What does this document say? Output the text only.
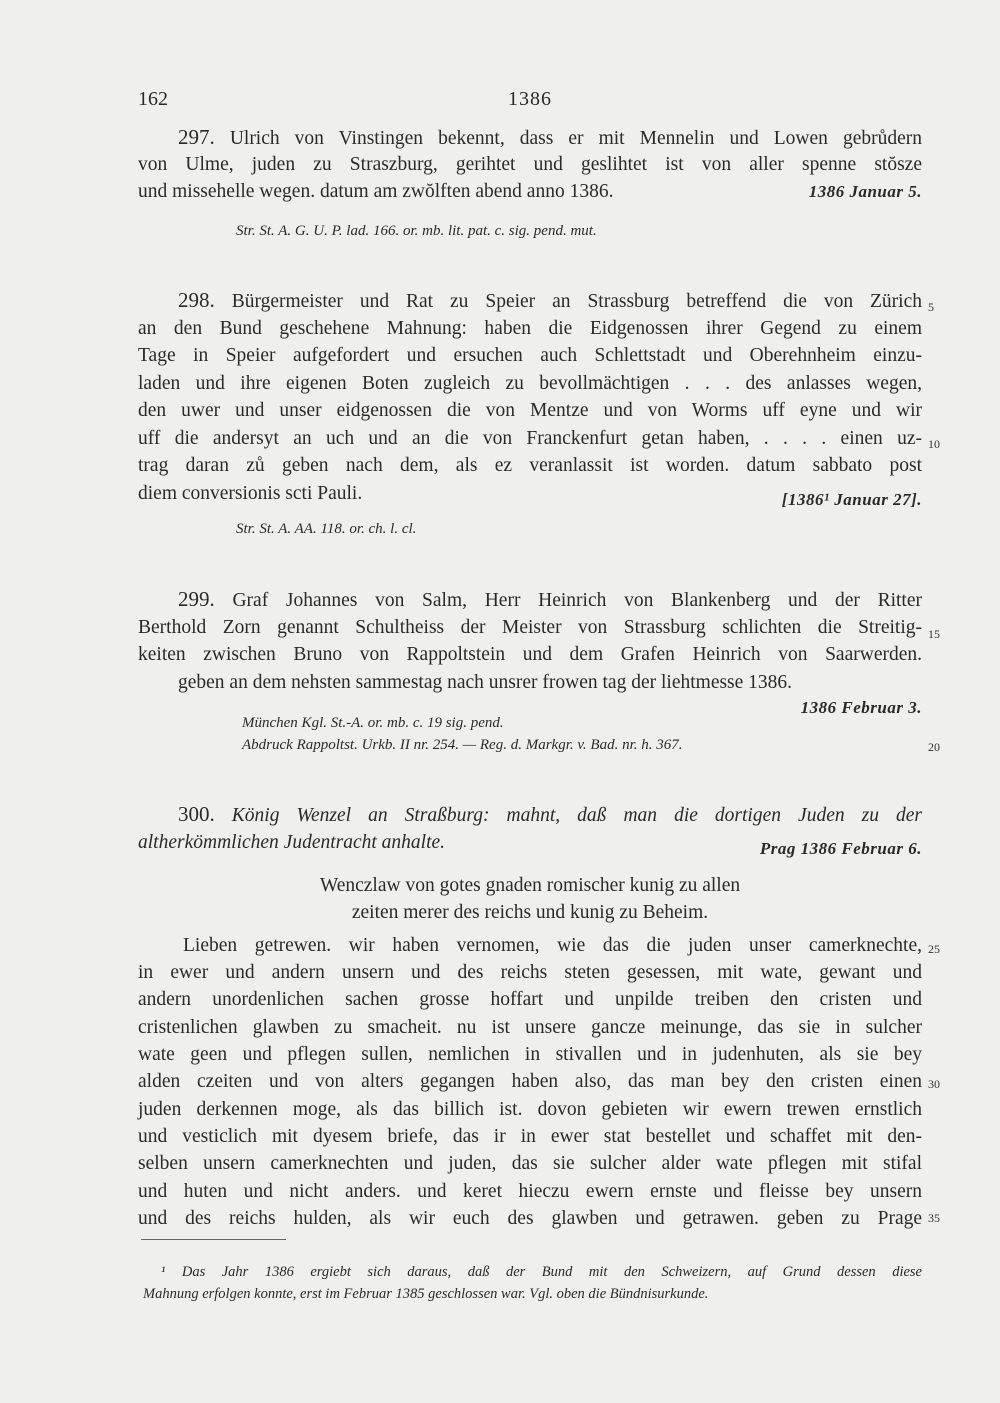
162	1386
297. Ulrich von Vinstingen bekennt, dass er mit Mennelin und Lowen gebrůdern
von Ulme, juden zu Straszburg, gerihtet und geslihtet ist von aller spenne stŏsze
und missehelle wegen. datum am zwŏlften abend anno 1386.	1386 Januar 5.
Str. St. A. G. U. P. lad. 166. or. mb. lit. pat. c. sig. pend. mut.
298. Bürgermeister und Rat zu Speier an Strassburg betreffend die von Zürich
an den Bund geschehene Mahnung: haben die Eidgenossen ihrer Gegend zu einem
Tage in Speier aufgefordert und ersuchen auch Schlettstadt und Oberehnheim einzu-
laden und ihre eigenen Boten zugleich zu bevollmächtigen . . . des anlasses wegen,
den uwer und unser eidgenossen die von Mentze und von Worms uff eyne und wir
uff die andersyt an uch und an die von Franckenfurt getan haben, . . . . einen uz-
trag daran zů geben nach dem, als ez veranlassit ist worden. datum sabbato post
diem conversionis scti Pauli.	[1386¹ Januar 27].
Str. St. A. AA. 118. or. ch. l. cl.
299. Graf Johannes von Salm, Herr Heinrich von Blankenberg und der Ritter
Berthold Zorn genannt Schultheiss der Meister von Strassburg schlichten die Streitig-
keiten zwischen Bruno von Rappoltstein und dem Grafen Heinrich von Saarwerden.
geben an dem nehsten sammestag nach unsrer frowen tag der liehtmesse 1386.
1386 Februar 3.
München Kgl. St.-A. or. mb. c. 19 sig. pend.
Abdruck Rappoltst. Urkb. II nr. 254. — Reg. d. Markgr. v. Bad. nr. h. 367.
300. König Wenzel an Straßburg: mahnt, daß man die dortigen Juden zu der
altherkömmlichen Judentracht anhalte.	Prag 1386 Februar 6.
Wenczlaw von gotes gnaden romischer kunig zu allen
zeiten merer des reichs und kunig zu Beheim.
Lieben getrewen. wir haben vernomen, wie das die juden unser camerknechte,
in ewer und andern unsern und des reichs steten gesessen, mit wate, gewant und
andern unordenlichen sachen grosse hoffart und unpilde treiben den cristen und
cristenlichen glawben zu smacheit. nu ist unsere gancze meinunge, das sie in sulcher
wate geen und pflegen sullen, nemlichen in stivallen und in judenhuten, als sie bey
alden czeiten und von alters gegangen haben also, das man bey den cristen einen
juden derkennen moge, als das billich ist. dovon gebieten wir ewern trewen ernstlich
und vesticlich mit dyesem briefe, das ir in ewer stat bestellet und schaffet mit den-
selben unsern camerknechten und juden, das sie sulcher alder wate pflegen mit stifal
und huten und nicht anders. und keret hieczu ewern ernste und fleisse bey unsern
und des reichs hulden, als wir euch des glawben und getrawen. geben zu Prage
5
10
15
20
25
30
35
¹ Das Jahr 1386 ergiebt sich daraus, daß der Bund mit den Schweizern, auf Grund dessen diese
Mahnung erfolgen konnte, erst im Februar 1385 geschlossen war. Vgl. oben die Bündnisurkunde.
